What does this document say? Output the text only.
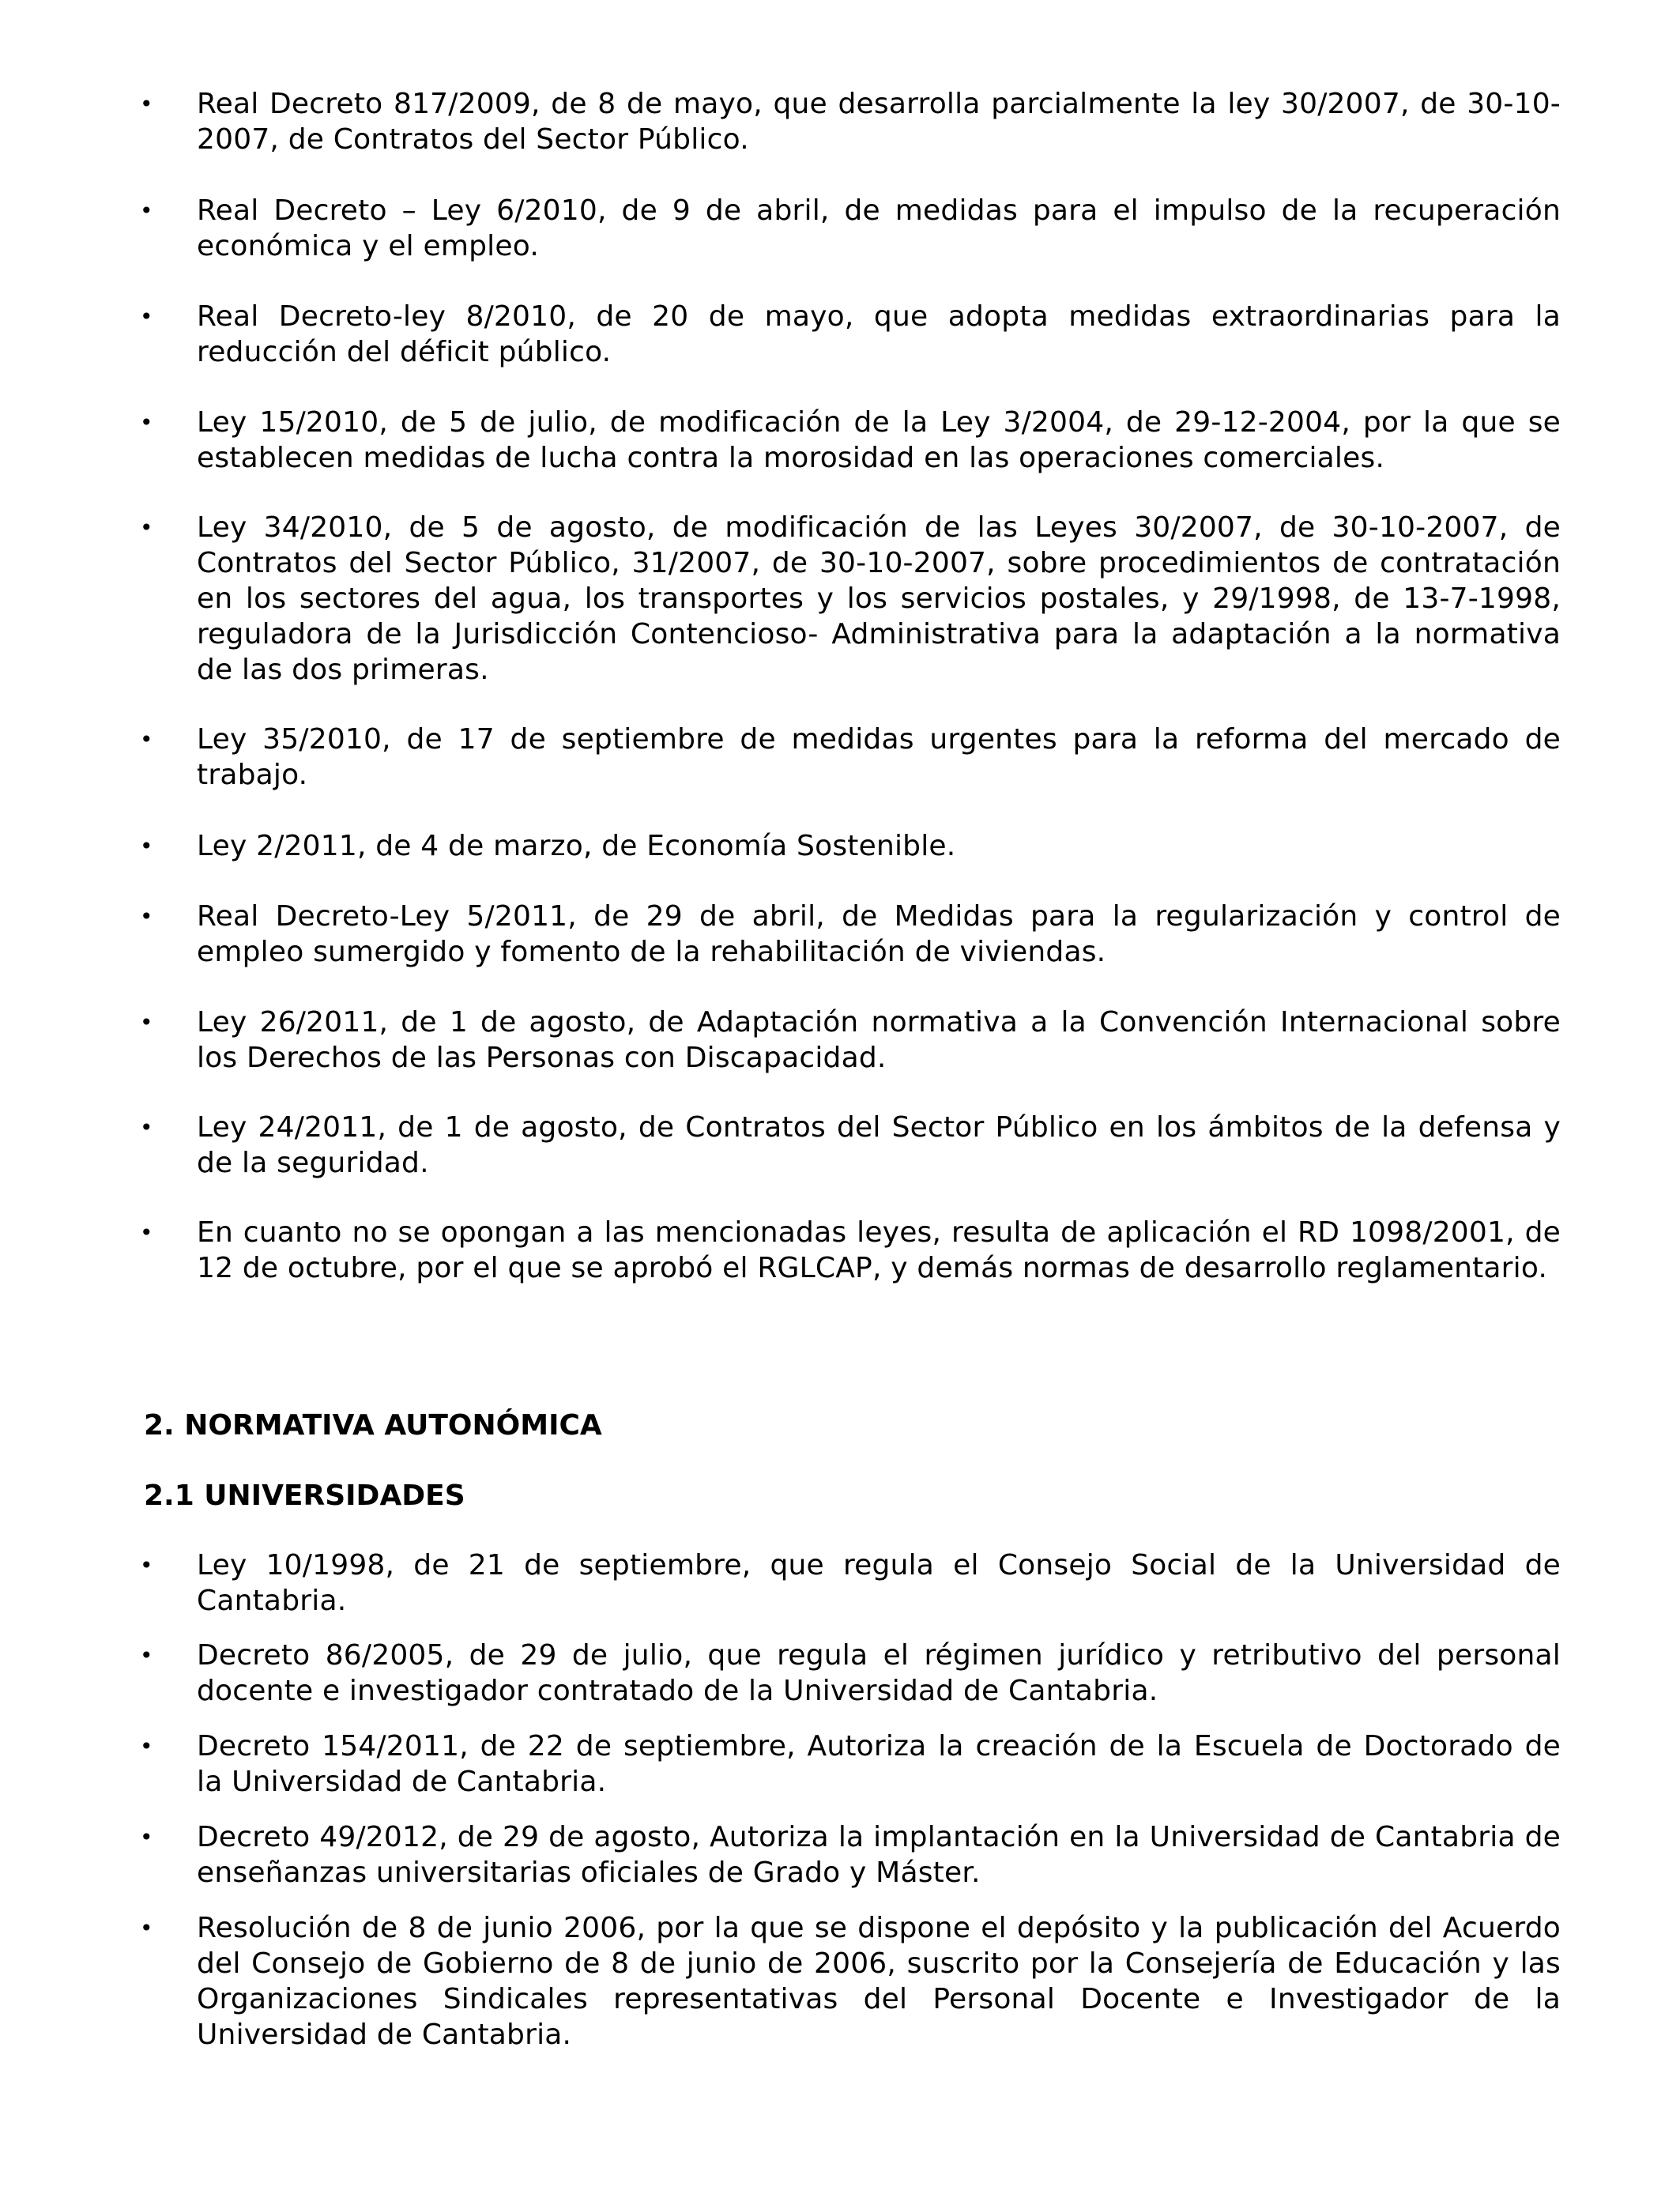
• Real Decreto 817/2009, de 8 de mayo, que desarrolla parcialmente la ley 30/2007, de 30-10-2007, de Contratos del Sector Público.
• Real Decreto – Ley 6/2010, de 9 de abril, de medidas para el impulso de la recuperación económica y el empleo.
• Real Decreto-ley 8/2010, de 20 de mayo, que adopta medidas extraordinarias para la reducción del déficit público.
• Ley 15/2010, de 5 de julio, de modificación de la Ley 3/2004, de 29-12-2004, por la que se establecen medidas de lucha contra la morosidad en las operaciones comerciales.
• Ley 34/2010, de 5 de agosto, de modificación de las Leyes 30/2007, de 30-10-2007, de Contratos del Sector Público, 31/2007, de 30-10-2007, sobre procedimientos de contratación en los sectores del agua, los transportes y los servicios postales, y 29/1998, de 13-7-1998, reguladora de la Jurisdicción Contencioso- Administrativa para la adaptación a la normativa de las dos primeras.
• Ley 35/2010, de 17 de septiembre de medidas urgentes para la reforma del mercado de trabajo.
• Ley 2/2011, de 4 de marzo, de Economía Sostenible.
• Real Decreto-Ley 5/2011, de 29 de abril, de Medidas para la regularización y control de empleo sumergido y fomento de la rehabilitación de viviendas.
• Ley 26/2011, de 1 de agosto, de Adaptación normativa a la Convención Internacional sobre los Derechos de las Personas con Discapacidad.
• Ley 24/2011, de 1 de agosto, de Contratos del Sector Público en los ámbitos de la defensa y de la seguridad.
• En cuanto no se opongan a las mencionadas leyes, resulta de aplicación el RD 1098/2001, de 12 de octubre, por el que se aprobó el RGLCAP, y demás normas de desarrollo reglamentario.
2. NORMATIVA AUTONÓMICA
2.1 UNIVERSIDADES
• Ley 10/1998, de 21 de septiembre, que regula el Consejo Social de la Universidad de Cantabria.
• Decreto 86/2005, de 29 de julio, que regula el régimen jurídico y retributivo del personal docente e investigador contratado de la Universidad de Cantabria.
• Decreto 154/2011, de 22 de septiembre, Autoriza la creación de la Escuela de Doctorado de la Universidad de Cantabria.
• Decreto 49/2012, de 29 de agosto, Autoriza la implantación en la Universidad de Cantabria de enseñanzas universitarias oficiales de Grado y Máster.
• Resolución de 8 de junio 2006, por la que se dispone el depósito y la publicación del Acuerdo del Consejo de Gobierno de 8 de junio de 2006, suscrito por la Consejería de Educación y las Organizaciones Sindicales representativas del Personal Docente e Investigador de la Universidad de Cantabria.
